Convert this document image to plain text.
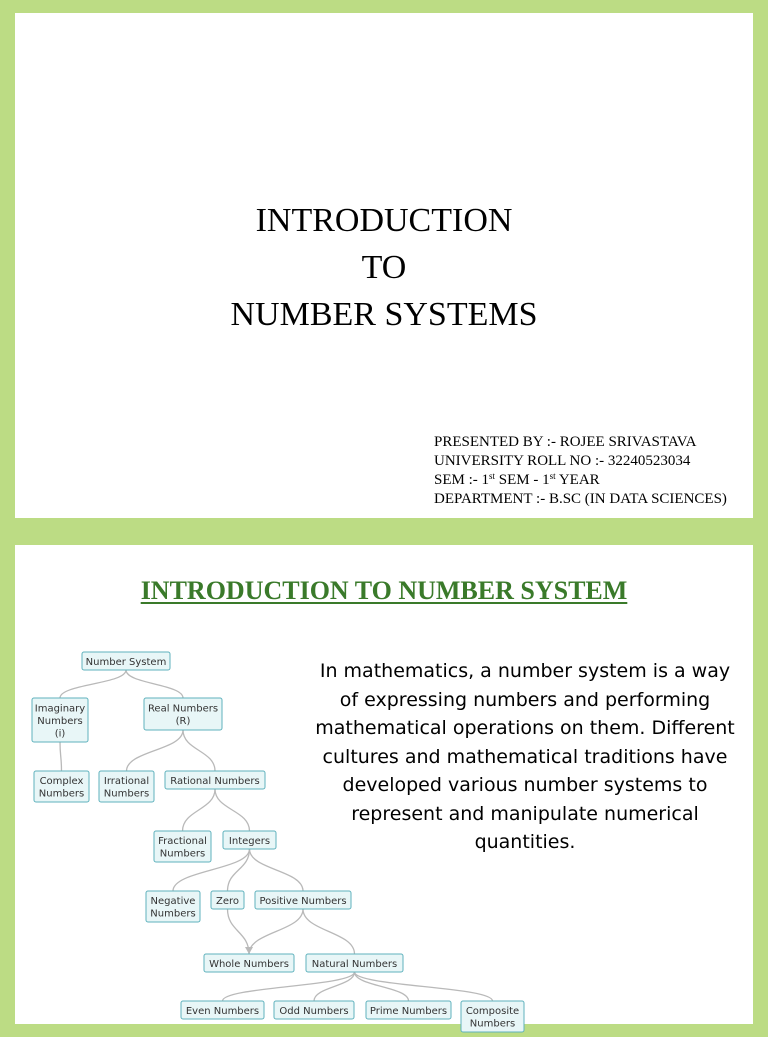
INTRODUCTION
TO
NUMBER SYSTEMS
PRESENTED BY :- ROJEE SRIVASTAVA
UNIVERSITY ROLL NO :- 32240523034
SEM :- 1st SEM - 1st YEAR
DEPARTMENT :- B.SC (IN DATA SCIENCES)
INTRODUCTION TO NUMBER SYSTEM
Number System
Imaginary
Numbers
(i)
Real Numbers
(R)
Complex
Numbers
Irrational
Numbers
Rational Numbers
Fractional
Numbers
Integers
Negative
Numbers
Zero Positive Numbers
Whole Numbers Natural Numbers
Even Numbers Odd Numbers Prime Numbers Composite
Numbers
In mathematics, a number system is a way of expressing numbers and performing mathematical operations on them. Different cultures and mathematical traditions have developed various number systems to represent and manipulate numerical quantities.
